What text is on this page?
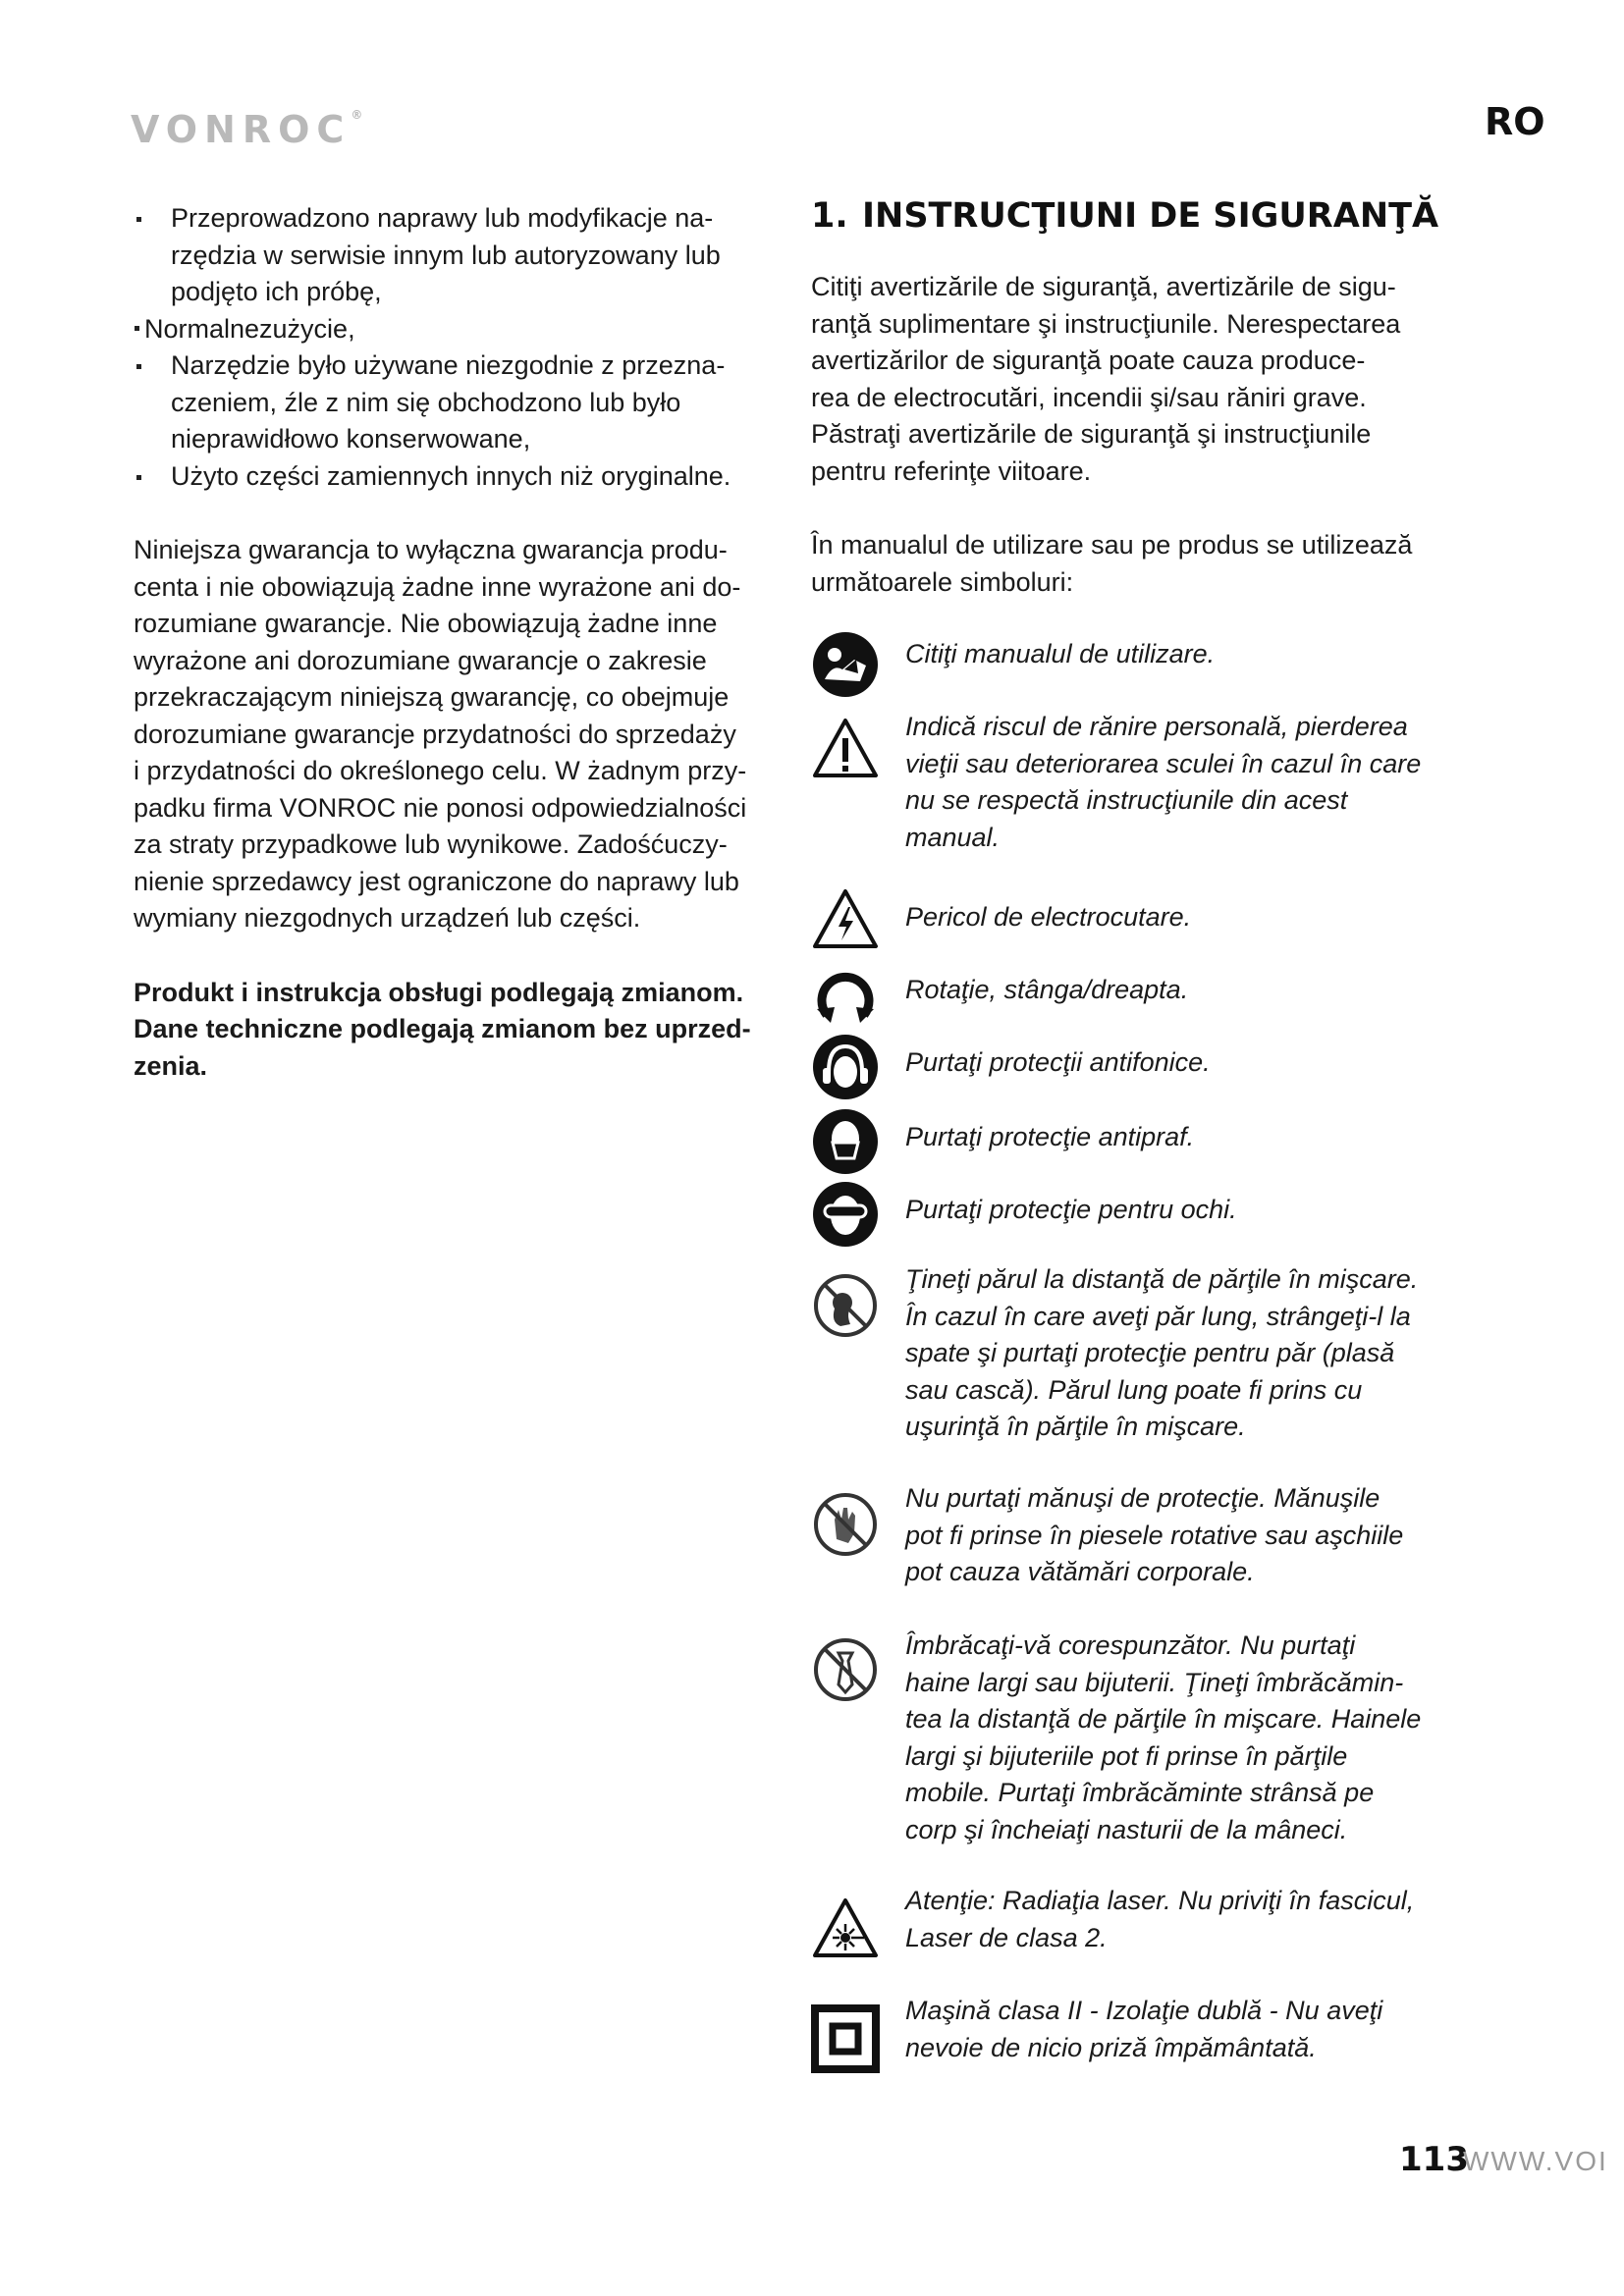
VONROC®	RO
Przeprowadzono naprawy lub modyfikacje na-
rzędzia w serwisie innym lub autoryzowany lub
podjęto ich próbę,
Normalnezużycie,
Narzędzie było używane niezgodnie z przezna-
czeniem, źle z nim się obchodzono lub było
nieprawidłowo konserwowane,
Użyto części zamiennych innych niż oryginalne.

Niniejsza gwarancja to wyłączna gwarancja produ-
centa i nie obowiązują żadne inne wyrażone ani do-
rozumiane gwarancje. Nie obowiązują żadne inne
wyrażone ani dorozumiane gwarancje o zakresie
przekraczającym niniejszą gwarancję, co obejmuje
dorozumiane gwarancje przydatności do sprzedaży
i przydatności do określonego celu. W żadnym przy-
padku firma VONROC nie ponosi odpowiedzialności
za straty przypadkowe lub wynikowe. Zadośćuczy-
nienie sprzedawcy jest ograniczone do naprawy lub
wymiany niezgodnych urządzeń lub części.

Produkt i instrukcja obsługi podlegają zmianom.
Dane techniczne podlegają zmianom bez uprzed-
zenia.

1. INSTRUCŢIUNI DE SIGURANŢĂ

Citiţi avertizările de siguranţă, avertizările de sigu-
ranţă suplimentare şi instrucţiunile. Nerespectarea
avertizărilor de siguranţă poate cauza produce-
rea de electrocutări, incendii şi/sau răniri grave.
Păstraţi avertizările de siguranţă şi instrucţiunile
pentru referinţe viitoare.

În manualul de utilizare sau pe produs se utilizează
următoarele simboluri:

Citiţi manualul de utilizare.
Indică riscul de rănire personală, pierderea
vieţii sau deteriorarea sculei în cazul în care
nu se respectă instrucţiunile din acest
manual.
Pericol de electrocutare.
Rotaţie, stânga/dreapta.
Purtaţi protecţii antifonice.
Purtaţi protecţie antipraf.
Purtaţi protecţie pentru ochi.
Ţineţi părul la distanţă de părţile în mişcare.
În cazul în care aveţi păr lung, strângeţi-l la
spate şi purtaţi protecţie pentru păr (plasă
sau cască). Părul lung poate fi prins cu
uşurinţă în părţile în mişcare.
Nu purtaţi mănuşi de protecţie. Mănuşile
pot fi prinse în piesele rotative sau aşchiile
pot cauza vătămări corporale.
Îmbrăcaţi-vă corespunzător. Nu purtaţi
haine largi sau bijuterii. Ţineţi îmbrăcămin-
tea la distanţă de părţile în mişcare. Hainele
largi şi bijuteriile pot fi prinse în părţile
mobile. Purtaţi îmbrăcăminte strânsă pe
corp şi încheiaţi nasturii de la mâneci.
Atenţie: Radiaţia laser. Nu priviţi în fascicul,
Laser de clasa 2.
Maşină clasa II - Izolaţie dublă - Nu aveţi
nevoie de nicio priză împământată.
113
WWW.VOI
